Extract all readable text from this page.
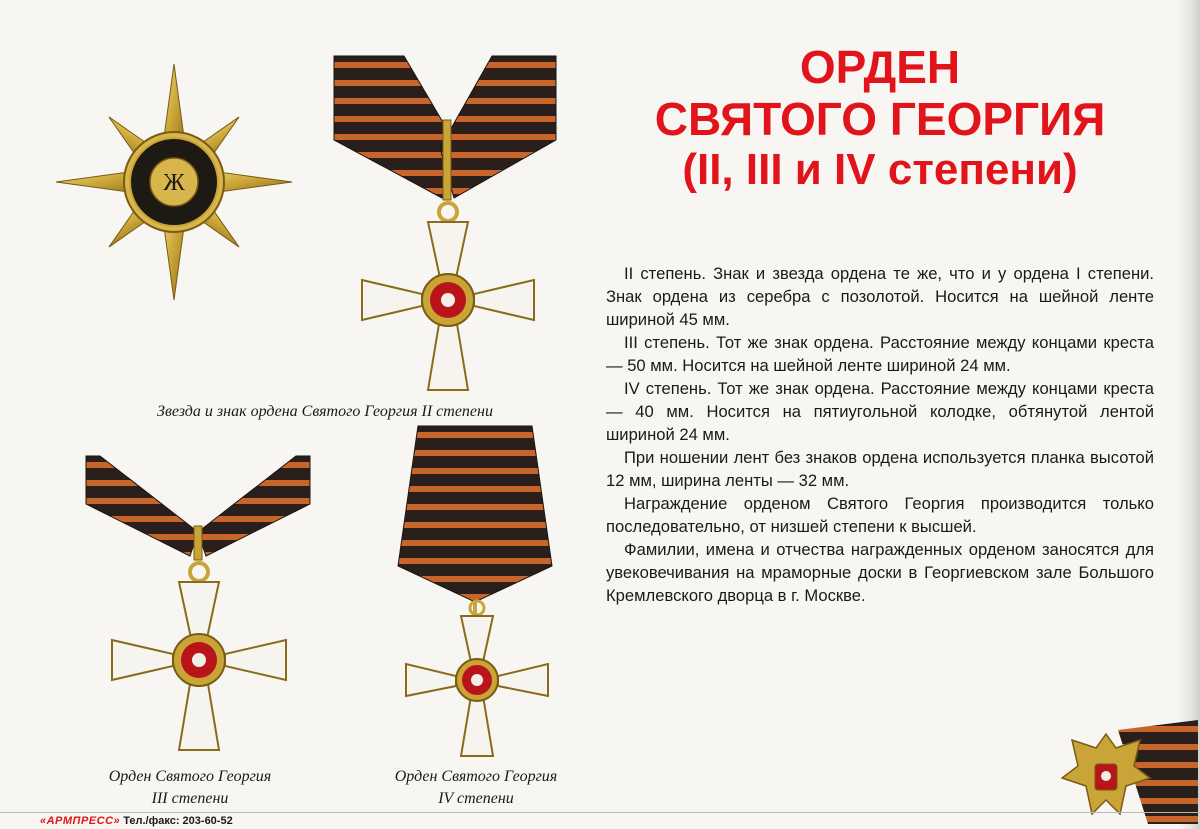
ОРДЕН
СВЯТОГО ГЕОРГИЯ
(II, III и IV степени)

II степень. Знак и звезда ордена те же, что и у ордена I степени. Знак ордена из серебра с позолотой. Носится на шейной ленте шириной 45 мм.

III степень. Тот же знак ордена. Расстояние между концами креста — 50 мм. Носится на шейной ленте шириной 24 мм.

IV степень. Тот же знак ордена. Расстояние между концами креста — 40 мм. Носится на пятиугольной колодке, обтянутой лентой шириной 24 мм.

При ношении лент без знаков ордена используется планка высотой 12 мм, ширина ленты — 32 мм.

Награждение орденом Святого Георгия производится только последовательно, от низшей степени к высшей.

Фамилии, имена и отчества награжденных орденом заносятся для увековечивания на мраморные доски в Георгиевском зале Большого Кремлевского дворца в г. Москве.

Ж
Звезда и знак ордена Святого Георгия II степени
Орден Святого Георгия
III степени
Орден Святого Георгия
IV степени
«АРМПРЕСС» Тел./факс: 203-60-52
